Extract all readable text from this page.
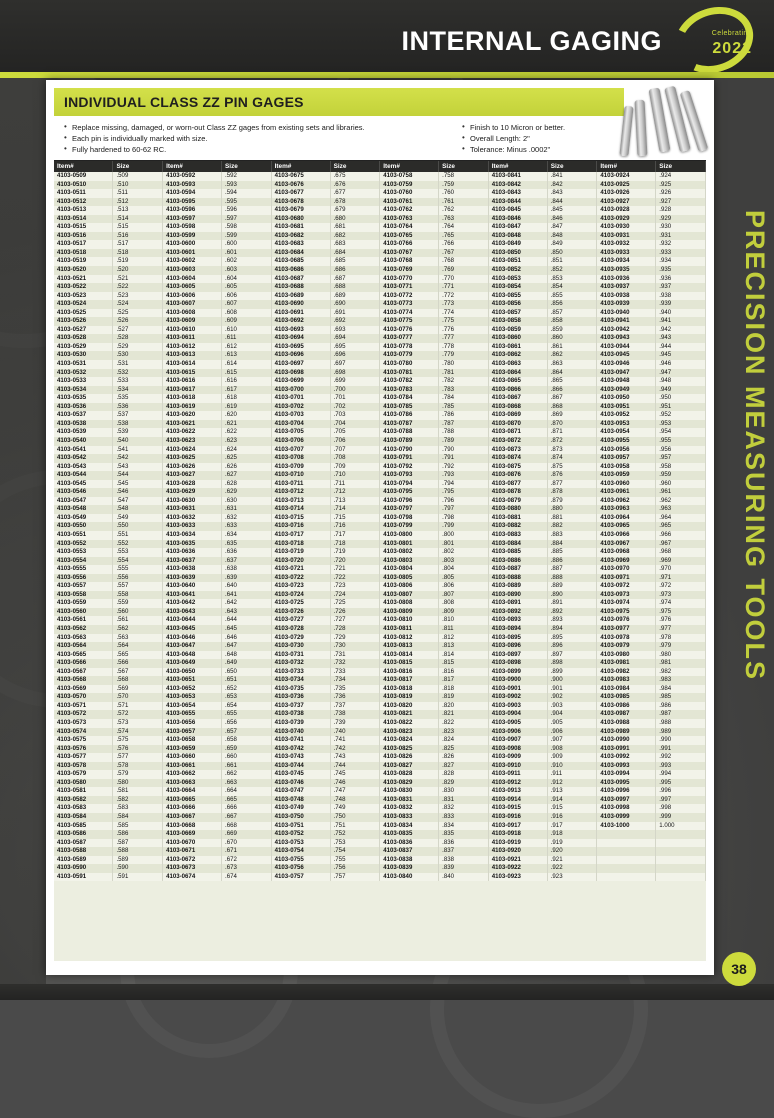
INTERNAL GAGING	Celebrating
2022
PRECISION MEASURING TOOLS
INDIVIDUAL CLASS ZZ PIN GAGES
• Replace missing, damaged, or worn-out Class ZZ gages from existing sets and libraries.
• Each pin is individually marked with size.
• Fully hardened to 60-62 RC.
• Finish to 10 Micron or better.
• Overall Length: 2"
• Tolerance: Minus .0002"
Item#	Size	Item#	Size	Item#	Size	Item#	Size	Item#	Size	Item#	Size
4103-0509	.509	4103-0592	.592	4103-0675	.675	4103-0758	.758	4103-0841	.841	4103-0924	.924
4103-0510	.510	4103-0593	.593	4103-0676	.676	4103-0759	.759	4103-0842	.842	4103-0925	.925
4103-0511	.511	4103-0594	.594	4103-0677	.677	4103-0760	.760	4103-0843	.843	4103-0926	.926
4103-0512	.512	4103-0595	.595	4103-0678	.678	4103-0761	.761	4103-0844	.844	4103-0927	.927
4103-0513	.513	4103-0596	.596	4103-0679	.679	4103-0762	.762	4103-0845	.845	4103-0928	.928
4103-0514	.514	4103-0597	.597	4103-0680	.680	4103-0763	.763	4103-0846	.846	4103-0929	.929
4103-0515	.515	4103-0598	.598	4103-0681	.681	4103-0764	.764	4103-0847	.847	4103-0930	.930
4103-0516	.516	4103-0599	.599	4103-0682	.682	4103-0765	.765	4103-0848	.848	4103-0931	.931
4103-0517	.517	4103-0600	.600	4103-0683	.683	4103-0766	.766	4103-0849	.849	4103-0932	.932
4103-0518	.518	4103-0601	.601	4103-0684	.684	4103-0767	.767	4103-0850	.850	4103-0933	.933
4103-0519	.519	4103-0602	.602	4103-0685	.685	4103-0768	.768	4103-0851	.851	4103-0934	.934
4103-0520	.520	4103-0603	.603	4103-0686	.686	4103-0769	.769	4103-0852	.852	4103-0935	.935
4103-0521	.521	4103-0604	.604	4103-0687	.687	4103-0770	.770	4103-0853	.853	4103-0936	.936
4103-0522	.522	4103-0605	.605	4103-0688	.688	4103-0771	.771	4103-0854	.854	4103-0937	.937
4103-0523	.523	4103-0606	.606	4103-0689	.689	4103-0772	.772	4103-0855	.855	4103-0938	.938
4103-0524	.524	4103-0607	.607	4103-0690	.690	4103-0773	.773	4103-0856	.856	4103-0939	.939
4103-0525	.525	4103-0608	.608	4103-0691	.691	4103-0774	.774	4103-0857	.857	4103-0940	.940
4103-0526	.526	4103-0609	.609	4103-0692	.692	4103-0775	.775	4103-0858	.858	4103-0941	.941
4103-0527	.527	4103-0610	.610	4103-0693	.693	4103-0776	.776	4103-0859	.859	4103-0942	.942
4103-0528	.528	4103-0611	.611	4103-0694	.694	4103-0777	.777	4103-0860	.860	4103-0943	.943
4103-0529	.529	4103-0612	.612	4103-0695	.695	4103-0778	.778	4103-0861	.861	4103-0944	.944
4103-0530	.530	4103-0613	.613	4103-0696	.696	4103-0779	.779	4103-0862	.862	4103-0945	.945
4103-0531	.531	4103-0614	.614	4103-0697	.697	4103-0780	.780	4103-0863	.863	4103-0946	.946
4103-0532	.532	4103-0615	.615	4103-0698	.698	4103-0781	.781	4103-0864	.864	4103-0947	.947
4103-0533	.533	4103-0616	.616	4103-0699	.699	4103-0782	.782	4103-0865	.865	4103-0948	.948
4103-0534	.534	4103-0617	.617	4103-0700	.700	4103-0783	.783	4103-0866	.866	4103-0949	.949
4103-0535	.535	4103-0618	.618	4103-0701	.701	4103-0784	.784	4103-0867	.867	4103-0950	.950
4103-0536	.536	4103-0619	.619	4103-0702	.702	4103-0785	.785	4103-0868	.868	4103-0951	.951
4103-0537	.537	4103-0620	.620	4103-0703	.703	4103-0786	.786	4103-0869	.869	4103-0952	.952
4103-0538	.538	4103-0621	.621	4103-0704	.704	4103-0787	.787	4103-0870	.870	4103-0953	.953
4103-0539	.539	4103-0622	.622	4103-0705	.705	4103-0788	.788	4103-0871	.871	4103-0954	.954
4103-0540	.540	4103-0623	.623	4103-0706	.706	4103-0789	.789	4103-0872	.872	4103-0955	.955
4103-0541	.541	4103-0624	.624	4103-0707	.707	4103-0790	.790	4103-0873	.873	4103-0956	.956
4103-0542	.542	4103-0625	.625	4103-0708	.708	4103-0791	.791	4103-0874	.874	4103-0957	.957
4103-0543	.543	4103-0626	.626	4103-0709	.709	4103-0792	.792	4103-0875	.875	4103-0958	.958
4103-0544	.544	4103-0627	.627	4103-0710	.710	4103-0793	.793	4103-0876	.876	4103-0959	.959
4103-0545	.545	4103-0628	.628	4103-0711	.711	4103-0794	.794	4103-0877	.877	4103-0960	.960
4103-0546	.546	4103-0629	.629	4103-0712	.712	4103-0795	.795	4103-0878	.878	4103-0961	.961
4103-0547	.547	4103-0630	.630	4103-0713	.713	4103-0796	.796	4103-0879	.879	4103-0962	.962
4103-0548	.548	4103-0631	.631	4103-0714	.714	4103-0797	.797	4103-0880	.880	4103-0963	.963
4103-0549	.549	4103-0632	.632	4103-0715	.715	4103-0798	.798	4103-0881	.881	4103-0964	.964
4103-0550	.550	4103-0633	.633	4103-0716	.716	4103-0799	.799	4103-0882	.882	4103-0965	.965
4103-0551	.551	4103-0634	.634	4103-0717	.717	4103-0800	.800	4103-0883	.883	4103-0966	.966
4103-0552	.552	4103-0635	.635	4103-0718	.718	4103-0801	.801	4103-0884	.884	4103-0967	.967
4103-0553	.553	4103-0636	.636	4103-0719	.719	4103-0802	.802	4103-0885	.885	4103-0968	.968
4103-0554	.554	4103-0637	.637	4103-0720	.720	4103-0803	.803	4103-0886	.886	4103-0969	.969
4103-0555	.555	4103-0638	.638	4103-0721	.721	4103-0804	.804	4103-0887	.887	4103-0970	.970
4103-0556	.556	4103-0639	.639	4103-0722	.722	4103-0805	.805	4103-0888	.888	4103-0971	.971
4103-0557	.557	4103-0640	.640	4103-0723	.723	4103-0806	.806	4103-0889	.889	4103-0972	.972
4103-0558	.558	4103-0641	.641	4103-0724	.724	4103-0807	.807	4103-0890	.890	4103-0973	.973
4103-0559	.559	4103-0642	.642	4103-0725	.725	4103-0808	.808	4103-0891	.891	4103-0974	.974
4103-0560	.560	4103-0643	.643	4103-0726	.726	4103-0809	.809	4103-0892	.892	4103-0975	.975
4103-0561	.561	4103-0644	.644	4103-0727	.727	4103-0810	.810	4103-0893	.893	4103-0976	.976
4103-0562	.562	4103-0645	.645	4103-0728	.728	4103-0811	.811	4103-0894	.894	4103-0977	.977
4103-0563	.563	4103-0646	.646	4103-0729	.729	4103-0812	.812	4103-0895	.895	4103-0978	.978
4103-0564	.564	4103-0647	.647	4103-0730	.730	4103-0813	.813	4103-0896	.896	4103-0979	.979
4103-0565	.565	4103-0648	.648	4103-0731	.731	4103-0814	.814	4103-0897	.897	4103-0980	.980
4103-0566	.566	4103-0649	.649	4103-0732	.732	4103-0815	.815	4103-0898	.898	4103-0981	.981
4103-0567	.567	4103-0650	.650	4103-0733	.733	4103-0816	.816	4103-0899	.899	4103-0982	.982
4103-0568	.568	4103-0651	.651	4103-0734	.734	4103-0817	.817	4103-0900	.900	4103-0983	.983
4103-0569	.569	4103-0652	.652	4103-0735	.735	4103-0818	.818	4103-0901	.901	4103-0984	.984
4103-0570	.570	4103-0653	.653	4103-0736	.736	4103-0819	.819	4103-0902	.902	4103-0985	.985
4103-0571	.571	4103-0654	.654	4103-0737	.737	4103-0820	.820	4103-0903	.903	4103-0986	.986
4103-0572	.572	4103-0655	.655	4103-0738	.738	4103-0821	.821	4103-0904	.904	4103-0987	.987
4103-0573	.573	4103-0656	.656	4103-0739	.739	4103-0822	.822	4103-0905	.905	4103-0988	.988
4103-0574	.574	4103-0657	.657	4103-0740	.740	4103-0823	.823	4103-0906	.906	4103-0989	.989
4103-0575	.575	4103-0658	.658	4103-0741	.741	4103-0824	.824	4103-0907	.907	4103-0990	.990
4103-0576	.576	4103-0659	.659	4103-0742	.742	4103-0825	.825	4103-0908	.908	4103-0991	.991
4103-0577	.577	4103-0660	.660	4103-0743	.743	4103-0826	.826	4103-0909	.909	4103-0992	.992
4103-0578	.578	4103-0661	.661	4103-0744	.744	4103-0827	.827	4103-0910	.910	4103-0993	.993
4103-0579	.579	4103-0662	.662	4103-0745	.745	4103-0828	.828	4103-0911	.911	4103-0994	.994
4103-0580	.580	4103-0663	.663	4103-0746	.746	4103-0829	.829	4103-0912	.912	4103-0995	.995
4103-0581	.581	4103-0664	.664	4103-0747	.747	4103-0830	.830	4103-0913	.913	4103-0996	.996
4103-0582	.582	4103-0665	.665	4103-0748	.748	4103-0831	.831	4103-0914	.914	4103-0997	.997
4103-0583	.583	4103-0666	.666	4103-0749	.749	4103-0832	.832	4103-0915	.915	4103-0998	.998
4103-0584	.584	4103-0667	.667	4103-0750	.750	4103-0833	.833	4103-0916	.916	4103-0999	.999
4103-0585	.585	4103-0668	.668	4103-0751	.751	4103-0834	.834	4103-0917	.917	4103-1000	1.000
4103-0586	.586	4103-0669	.669	4103-0752	.752	4103-0835	.835	4103-0918	.918		
4103-0587	.587	4103-0670	.670	4103-0753	.753	4103-0836	.836	4103-0919	.919		
4103-0588	.588	4103-0671	.671	4103-0754	.754	4103-0837	.837	4103-0920	.920		
4103-0589	.589	4103-0672	.672	4103-0755	.755	4103-0838	.838	4103-0921	.921		
4103-0590	.590	4103-0673	.673	4103-0756	.756	4103-0839	.839	4103-0922	.922		
4103-0591	.591	4103-0674	.674	4103-0757	.757	4103-0840	.840	4103-0923	.923		
38
